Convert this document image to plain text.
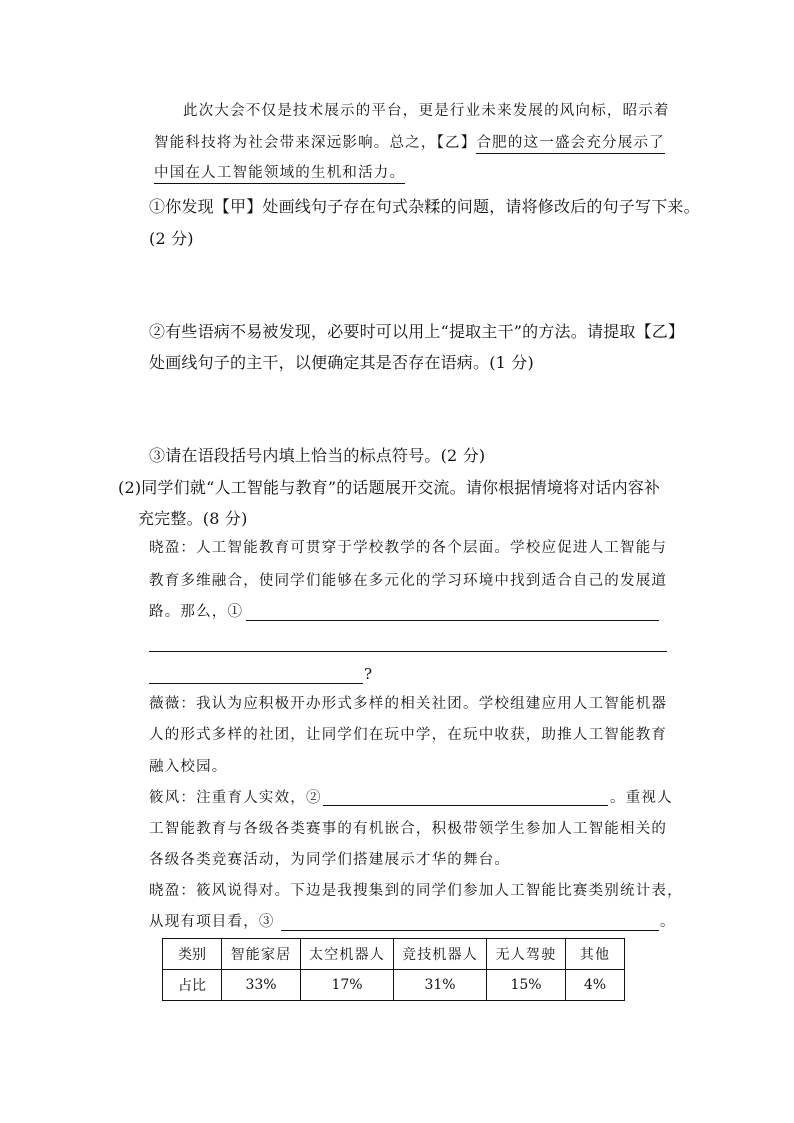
此次大会不仅是技术展示的平台，更是行业未来发展的风向标，昭示着
智能科技将为社会带来深远影响。总之，【乙】合肥的这一盛会充分展示了
中国在人工智能领域的生机和活力。
①你发现【甲】处画线句子存在句式杂糅的问题，请将修改后的句子写下来。
(2 分)
②有些语病不易被发现，必要时可以用上“提取主干”的方法。请提取【乙】
处画线句子的主干，以便确定其是否存在语病。(1 分)
③请在语段括号内填上恰当的标点符号。(2 分)
(2)同学们就“人工智能与教育”的话题展开交流。请你根据情境将对话内容补
充完整。(8 分)
晓盈：人工智能教育可贯穿于学校教学的各个层面。学校应促进人工智能与
教育多维融合，使同学们能够在多元化的学习环境中找到适合自己的发展道
路。那么，①
?
薇薇：我认为应积极开办形式多样的相关社团。学校组建应用人工智能机器
人的形式多样的社团，让同学们在玩中学，在玩中收获，助推人工智能教育
融入校园。
筱风：注重育人实效，②	。重视人
工智能教育与各级各类赛事的有机嵌合，积极带领学生参加人工智能相关的
各级各类竞赛活动，为同学们搭建展示才华的舞台。
晓盈：筱风说得对。下边是我搜集到的同学们参加人工智能比赛类别统计表，
从现有项目看，③	。
类别	智能家居	太空机器人	竞技机器人	无人驾驶	其他
占比	33%	17%	31%	15%	4%
